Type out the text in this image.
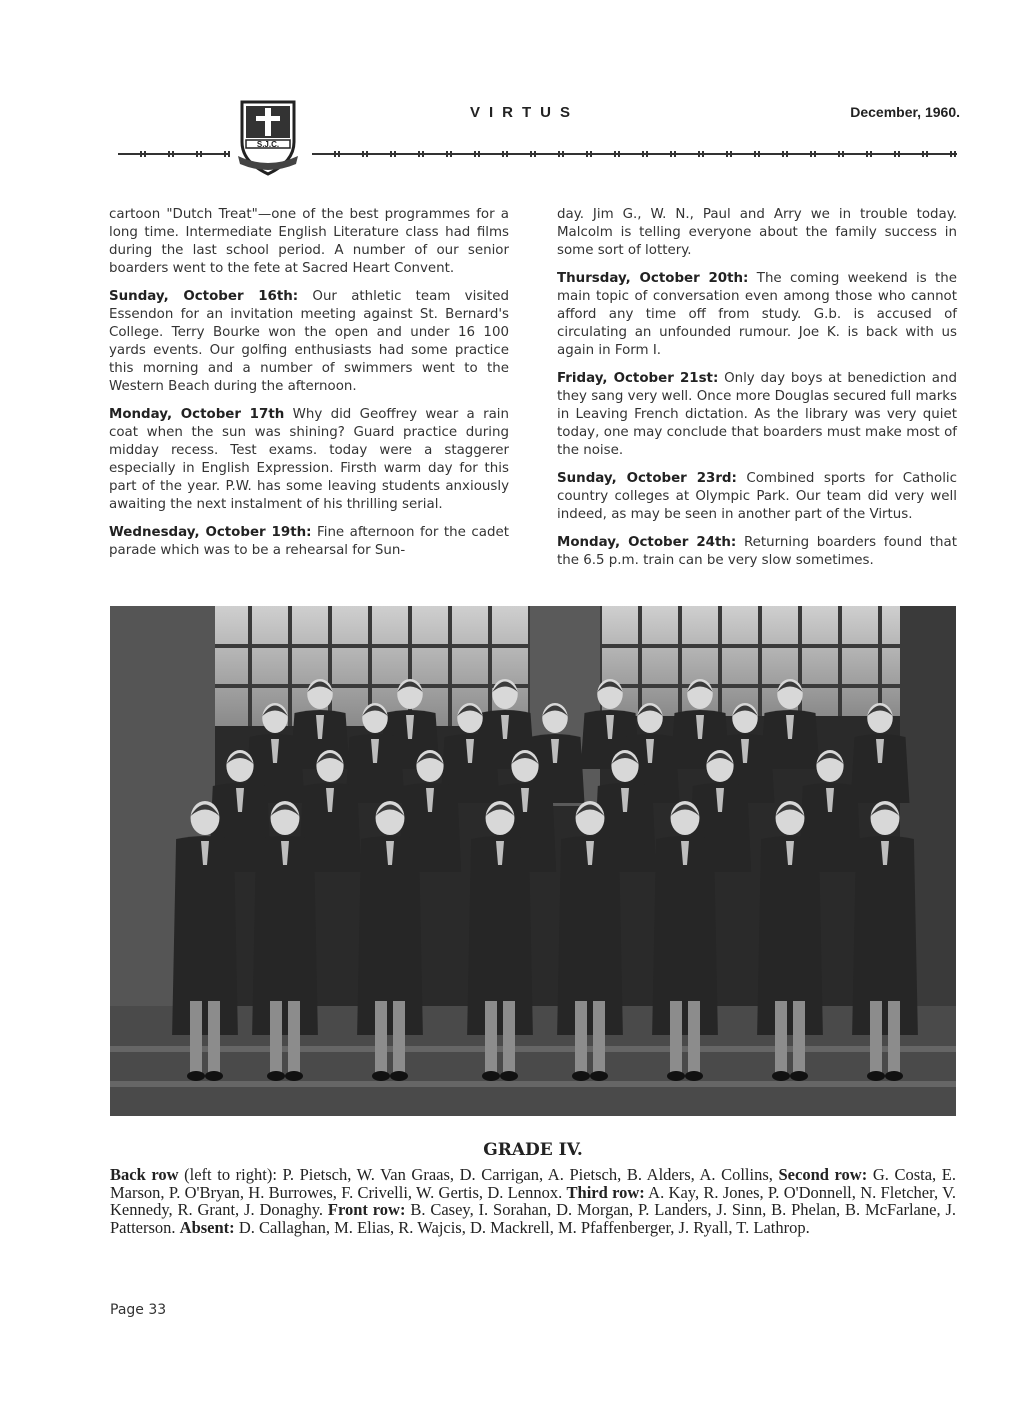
S.J.C.
VIRTUS	December, 1960.

cartoon "Dutch Treat"—one of the best programmes for a long time. Intermediate English Literature class had films during the last school period. A number of our senior boarders went to the fete at Sacred Heart Convent.

Sunday, October 16th: Our athletic team visited Essendon for an invitation meeting against St. Bernard's College. Terry Bourke won the open and under 16 100 yards events. Our golfing enthusiasts had some practice this morning and a number of swimmers went to the Western Beach during the afternoon.

Monday, October 17th Why did Geoffrey wear a rain coat when the sun was shining? Guard practice during midday recess. Test exams. today were a staggerer especially in English Expression. Firsth warm day for this part of the year. P.W. has some leaving students anxiously awaiting the next instalment of his thrilling serial.

Wednesday, October 19th: Fine afternoon for the cadet parade which was to be a rehearsal for Sun-

day. Jim G., W. N., Paul and Arry we in trouble today. Malcolm is telling everyone about the family success in some sort of lottery.

Thursday, October 20th: The coming weekend is the main topic of conversation even among those who cannot afford any time off from study. G.b. is accused of circulating an unfounded rumour. Joe K. is back with us again in Form I.

Friday, October 21st: Only day boys at benediction and they sang very well. Once more Douglas secured full marks in Leaving French dictation. As the library was very quiet today, one may conclude that boarders must make most of the noise.

Sunday, October 23rd: Combined sports for Catholic country colleges at Olympic Park. Our team did very well indeed, as may be seen in another part of the Virtus.

Monday, October 24th: Returning boarders found that the 6.5 p.m. train can be very slow sometimes.

GRADE IV.
Back row (left to right): P. Pietsch, W. Van Graas, D. Carrigan, A. Pietsch, B. Alders, A. Collins, Second row: G. Costa, E. Marson, P. O'Bryan, H. Burrowes, F. Crivelli, W. Gertis, D. Lennox. Third row: A. Kay, R. Jones, P. O'Donnell, N. Fletcher, V. Kennedy, R. Grant, J. Donaghy. Front row: B. Casey, I. Sorahan, D. Morgan, P. Landers, J. Sinn, B. Phelan, B. McFarlane, J. Patterson. Absent: D. Callaghan, M. Elias, R. Wajcis, D. Mackrell, M. Pfaffenberger, J. Ryall, T. Lathrop.
Page 33
